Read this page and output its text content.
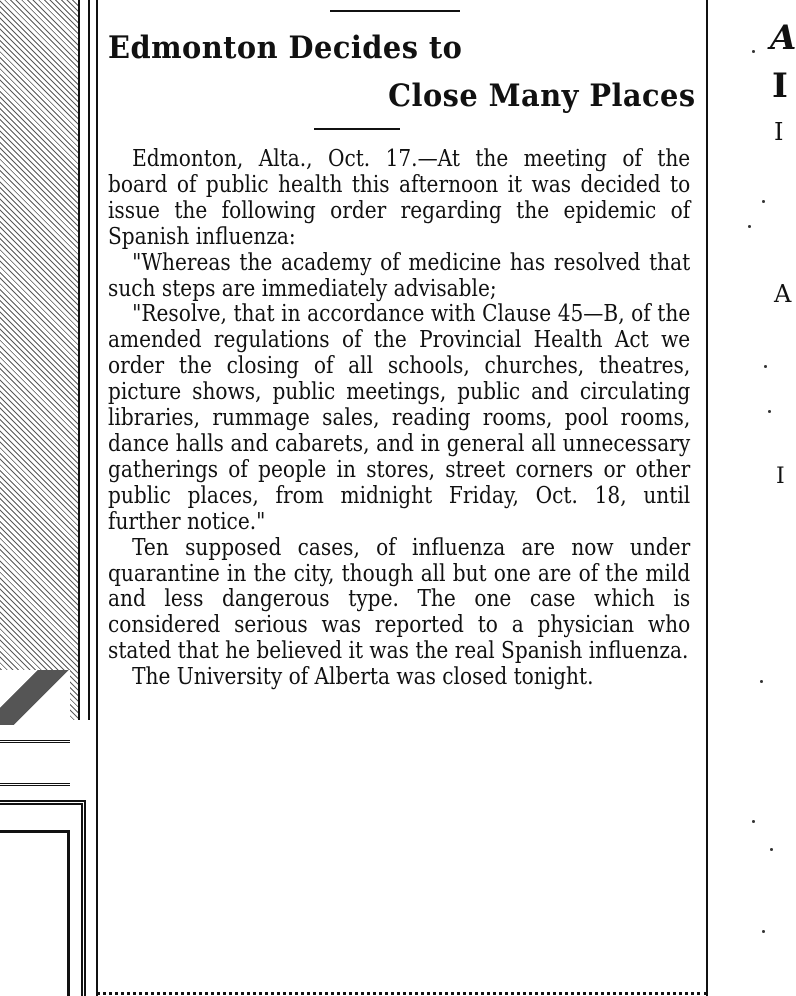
Edmonton Decides to
Close Many Places

Edmonton, Alta., Oct. 17.—At the meeting of the board of public health this afternoon it was decided to issue the following order regarding the epidemic of Spanish influenza:

"Whereas the academy of medicine has resolved that such steps are immediately advisable;

"Resolve, that in accordance with Clause 45—B, of the amended regulations of the Provincial Health Act we order the closing of all schools, churches, theatres, picture shows, public meetings, public and circulating libraries, rummage sales, reading rooms, pool rooms, dance halls and cabarets, and in general all unnecessary gatherings of people in stores, street corners or other public places, from midnight Friday, Oct. 18, until further notice."

Ten supposed cases, of influenza are now under quarantine in the city, though all but one are of the mild and less dangerous type. The one case which is considered serious was reported to a physician who stated that he believed it was the real Spanish influenza.

The University of Alberta was closed tonight.

A
I
I
A
I
